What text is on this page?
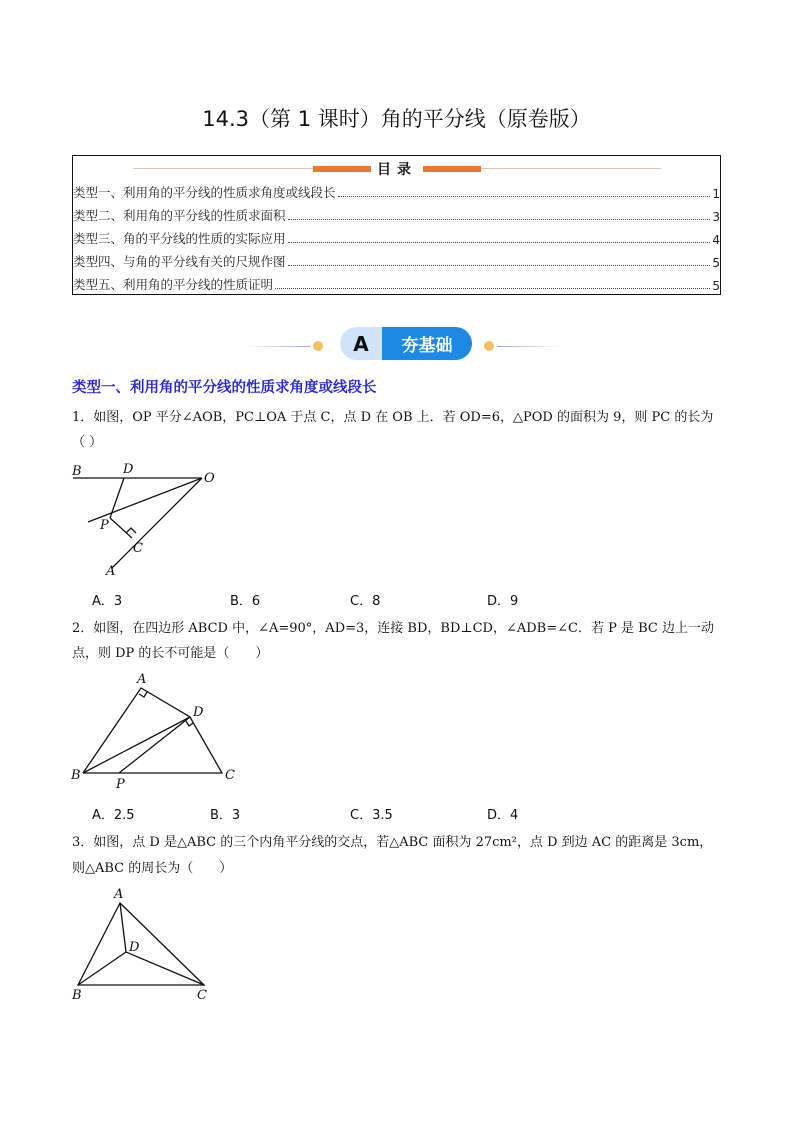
14.3（第 1 课时）角的平分线（原卷版）
目录
类型一、利用角的平分线的性质求角度或线段长	1
类型二、利用角的平分线的性质求面积	3
类型三、角的平分线的性质的实际应用	4
类型四、与角的平分线有关的尺规作图	5
类型五、利用角的平分线的性质证明	5
A	夯基础
类型一、利用角的平分线的性质求角度或线段长
1．如图，OP 平分∠AOB，PC⊥OA 于点 C，点 D 在 OB 上．若 OD=6，△POD 的面积为 9，则 PC 的长为
（ ）
B	D
O
P
C
A
A
D
B
P
C
A
D
B	C
A．3	B．6	C．8	D．9
2．如图，在四边形 ABCD 中，∠A=90°，AD=3，连接 BD，BD⊥CD，∠ADB=∠C．若 P 是 BC 边上一动
点，则 DP 的长不可能是（　　）
A．2.5	B．3	C．3.5	D．4
3．如图，点 D 是△ABC 的三个内角平分线的交点，若△ABC 面积为 27cm²，点 D 到边 AC 的距离是 3cm，
则△ABC 的周长为（　　）
